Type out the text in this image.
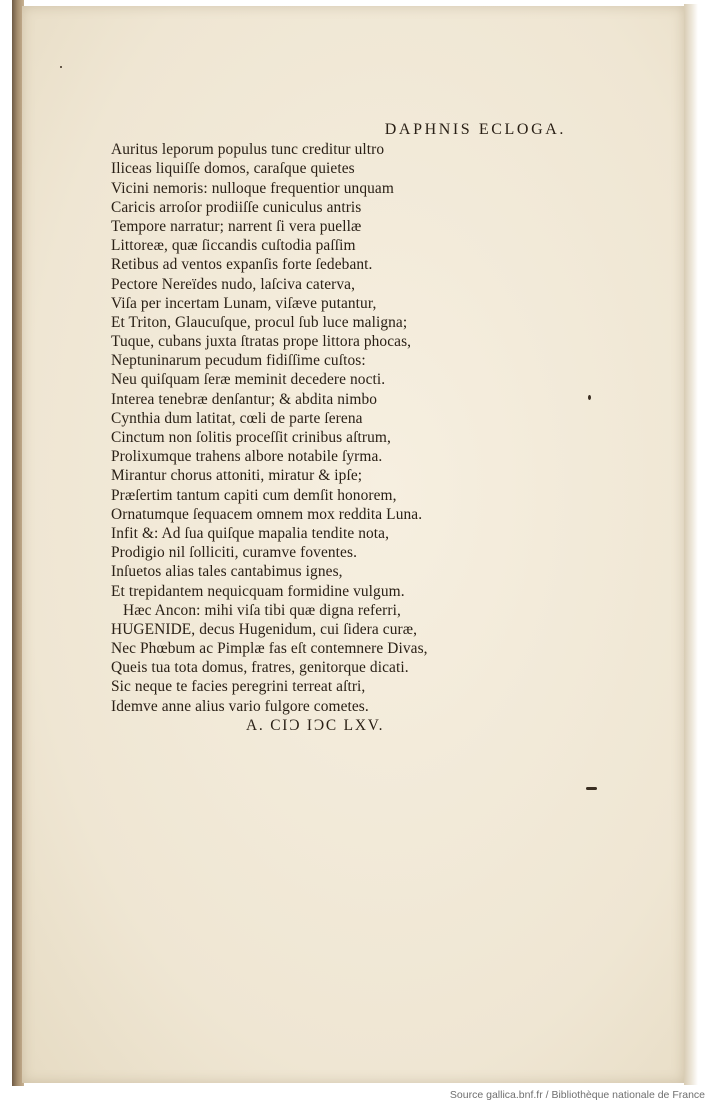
DAPHNIS ECLOGA.
Auritus leporum populus tunc creditur ultro
Iliceas liquiſſe domos, caraſque quietes
Vicini nemoris: nulloque frequentior unquam
Caricis arroſor prodiiſſe cuniculus antris
Tempore narratur; narrent ſi vera puellæ
Littoreæ, quæ ſiccandis cuſtodia paſſim
Retibus ad ventos expanſis forte ſedebant.
Pectore Nereïdes nudo, laſciva caterva,
Viſa per incertam Lunam, viſæve putantur,
Et Triton, Glaucuſque, procul ſub luce maligna;
Tuque, cubans juxta ſtratas prope littora phocas,
Neptuninarum pecudum fidiſſime cuſtos:
Neu quiſquam ſeræ meminit decedere nocti.
Interea tenebræ denſantur; & abdita nimbo
Cynthia dum latitat, cœli de parte ſerena
Cinctum non ſolitis proceſſit crinibus aſtrum,
Prolixumque trahens albore notabile ſyrma.
Mirantur chorus attoniti, miratur & ipſe;
Præſertim tantum capiti cum demſit honorem,
Ornatumque ſequacem omnem mox reddita Luna.
Infit &: Ad ſua quiſque mapalia tendite nota,
Prodigio nil ſolliciti, curamve foventes.
Inſuetos alias tales cantabimus ignes,
Et trepidantem nequicquam formidine vulgum.
Hæc Ancon: mihi viſa tibi quæ digna referri,
HUGENIDE, decus Hugenidum, cui ſidera curæ,
Nec Phœbum ac Pimplæ fas eſt contemnere Divas,
Queis tua tota domus, fratres, genitorque dicati.
Sic neque te facies peregrini terreat aſtri,
Idemve anne alius vario fulgore cometes.
A. CIƆ IƆC LXV.
Source gallica.bnf.fr / Bibliothèque nationale de France
